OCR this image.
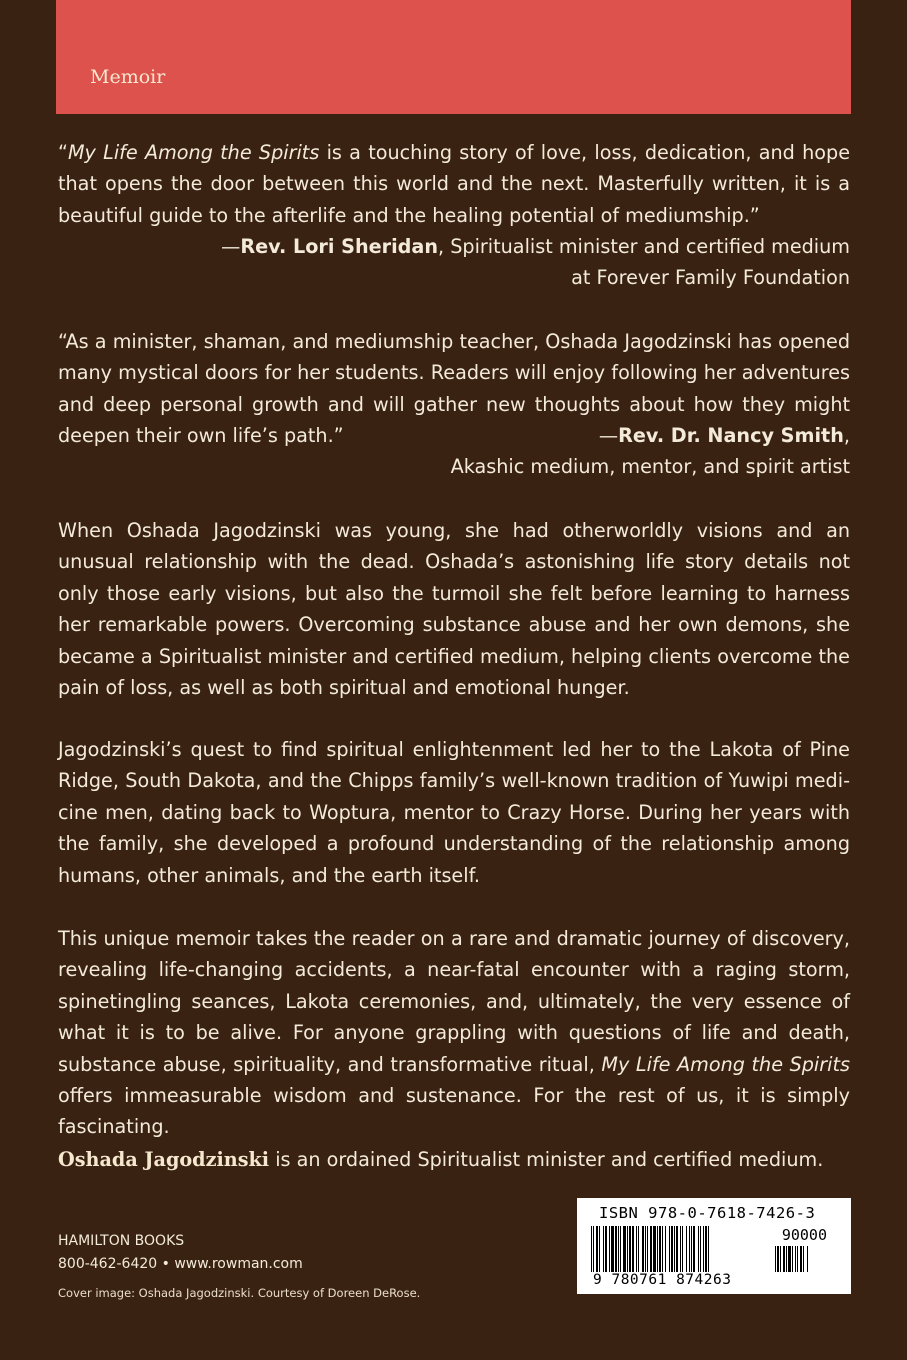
Memoir
“My Life Among the Spirits is a touching story of love, loss, dedication, and hope that opens the door between this world and the next. Masterfully written, it is a beautiful guide to the afterlife and the healing potential of mediumship.”
—Rev. Lori Sheridan, Spiritualist minister and certified medium
at Forever Family Foundation
“As a minister, shaman, and mediumship teacher, Oshada Jagodzinski has opened many mystical doors for her students. Readers will enjoy following her adventures and deep personal growth and will gather new thoughts about how they might deepen their own life’s path.”	—Rev. Dr. Nancy Smith,
Akashic medium, mentor, and spirit artist
When Oshada Jagodzinski was young, she had otherworldly visions and an unusual relationship with the dead. Oshada’s astonishing life story details not only those early visions, but also the turmoil she felt before learning to harness her remarkable powers. Overcoming substance abuse and her own demons, she became a Spiritualist minister and certified medium, helping clients overcome the pain of loss, as well as both spiritual and emotional hunger.
Jagodzinski’s quest to find spiritual enlightenment led her to the Lakota of Pine Ridge, South Dakota, and the Chipps family’s well-known tradition of Yuwipi medicine men, dating back to Woptura, mentor to Crazy Horse. During her years with the family, she developed a profound understanding of the relationship among humans, other animals, and the earth itself.
This unique memoir takes the reader on a rare and dramatic journey of discovery, revealing life-changing accidents, a near-fatal encounter with a raging storm, spinetingling seances, Lakota ceremonies, and, ultimately, the very essence of what it is to be alive. For anyone grappling with questions of life and death, substance abuse, spirituality, and transformative ritual, My Life Among the Spirits offers immeasurable wisdom and sustenance. For the rest of us, it is simply fascinating.
Oshada Jagodzinski is an ordained Spiritualist minister and certified medium.
HAMILTON BOOKS
800-462-6420 • www.rowman.com
Cover image: Oshada Jagodzinski. Courtesy of Doreen DeRose.
ISBN 978-0-7618-7426-3
90000
9 780761 874263
